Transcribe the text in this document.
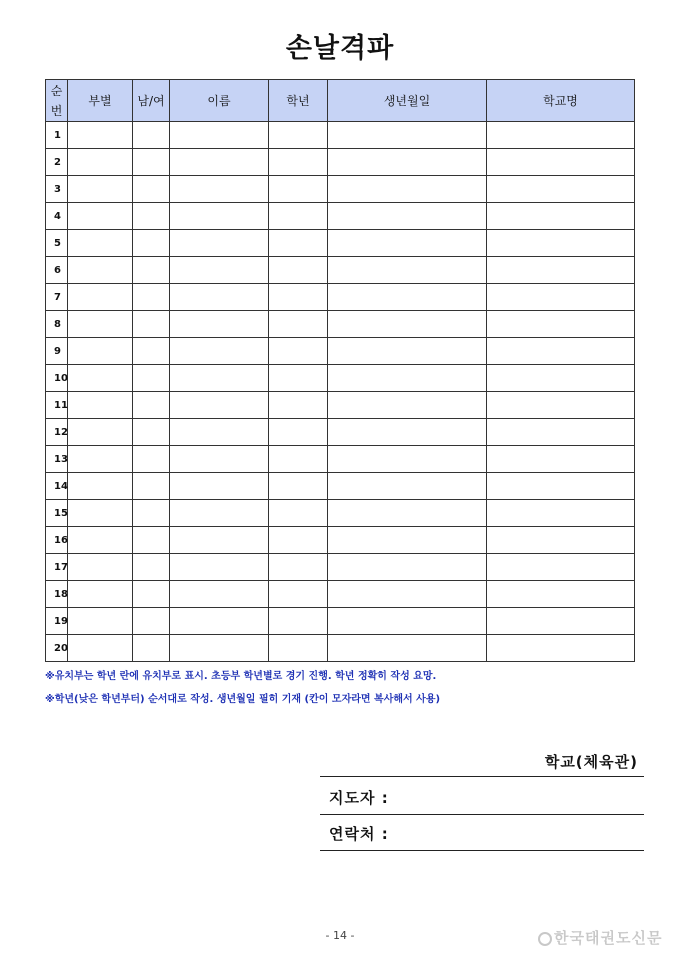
손날격파
순
번	부별	남/여	이름	학년	생년월일	학교명
1						
2						
3						
4						
5						
6						
7						
8						
9						
10						
11						
12						
13						
14						
15						
16						
17						
18						
19						
20						
※유치부는 학년 란에 유치부로 표시. 초등부 학년별로 경기 진행. 학년 정확히 작성 요망.
※학년(낮은 학년부터) 순서대로 작성. 생년월일 필히 기재 (칸이 모자라면 복사해서 사용)
학교(체육관)
지도자 :
연락처 :
- 14 -	한국태권도신문
